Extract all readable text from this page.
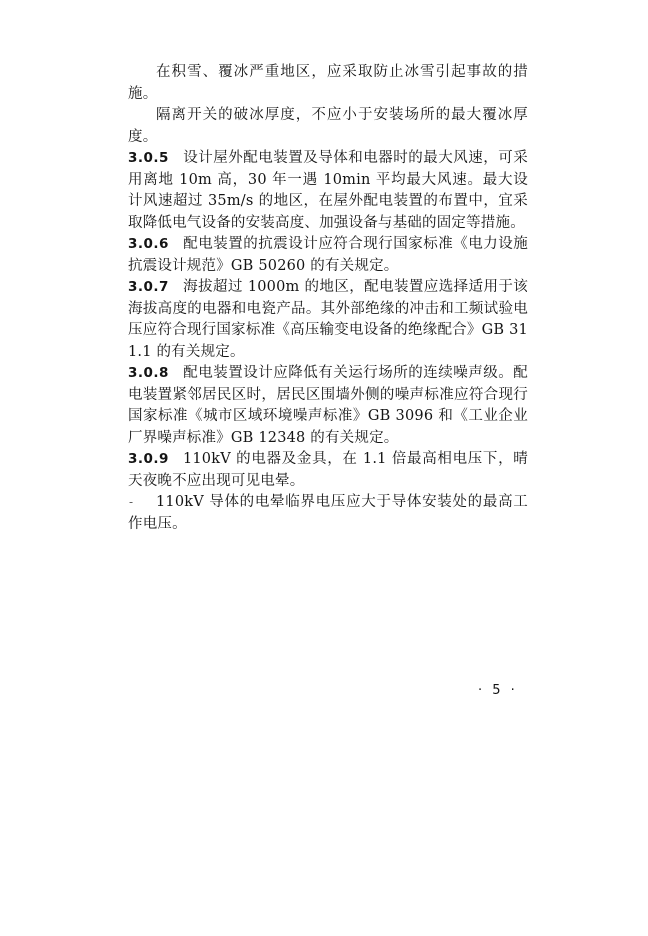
在积雪、覆冰严重地区，应采取防止冰雪引起事故的措施。

隔离开关的破冰厚度，不应小于安装场所的最大覆冰厚度。

3.0.5 设计屋外配电装置及导体和电器时的最大风速，可采用离地 10m 高，30 年一遇 10min 平均最大风速。最大设计风速超过 35m/s 的地区，在屋外配电装置的布置中，宜采取降低电气设备的安装高度、加强设备与基础的固定等措施。

3.0.6 配电装置的抗震设计应符合现行国家标准《电力设施抗震设计规范》GB 50260 的有关规定。

3.0.7 海拔超过 1000m 的地区，配电装置应选择适用于该海拔高度的电器和电瓷产品。其外部绝缘的冲击和工频试验电压应符合现行国家标准《高压输变电设备的绝缘配合》GB 311.1 的有关规定。

3.0.8 配电装置设计应降低有关运行场所的连续噪声级。配电装置紧邻居民区时，居民区围墙外侧的噪声标准应符合现行国家标准《城市区域环境噪声标准》GB 3096 和《工业企业厂界噪声标准》GB 12348 的有关规定。

3.0.9 110kV 的电器及金具，在 1.1 倍最高相电压下，晴天夜晚不应出现可见电晕。

110kV 导体的电晕临界电压应大于导体安装处的最高工作电压。

-
· 5 ·
